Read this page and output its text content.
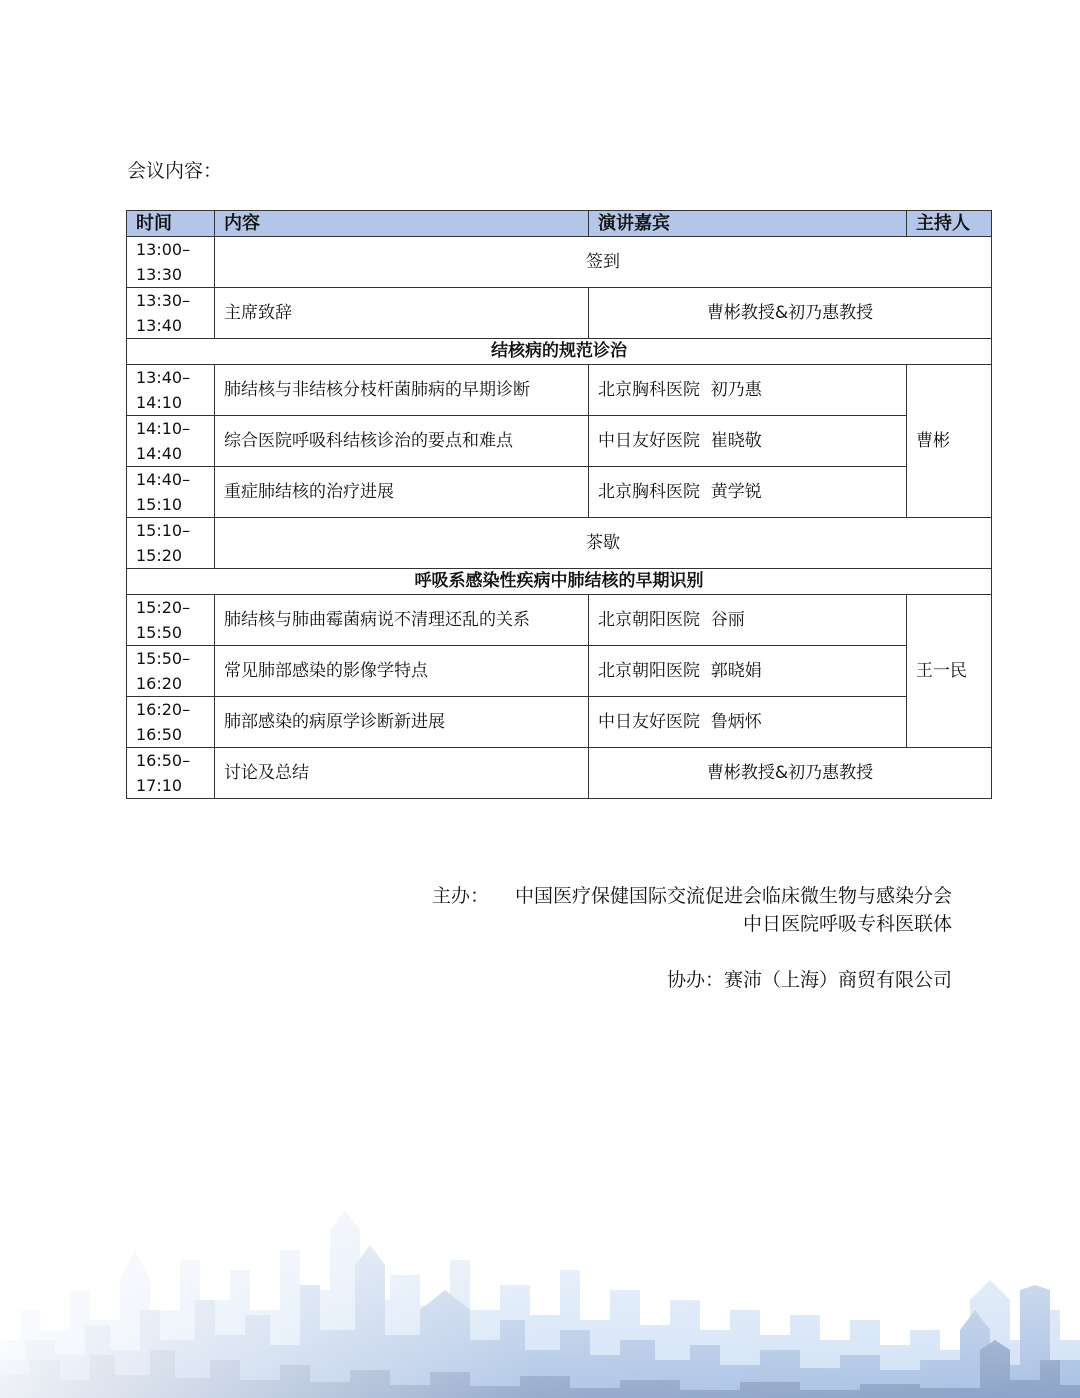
会议内容：
时间	内容	演讲嘉宾	主持人
13:00–
13:30	签到		
13:30–
13:40	主席致辞	曹彬教授&初乃惠教授	
结核病的规范诊治			
13:40–
14:10	肺结核与非结核分枝杆菌肺病的早期诊断	北京胸科医院  初乃惠	曹彬
14:10–
14:40	综合医院呼吸科结核诊治的要点和难点	中日友好医院  崔晓敬	
14:40–
15:10	重症肺结核的治疗进展	北京胸科医院  黄学锐	
15:10–
15:20	茶歇		
呼吸系感染性疾病中肺结核的早期识别			
15:20–
15:50	肺结核与肺曲霉菌病说不清理还乱的关系	北京朝阳医院  谷丽	王一民
15:50–
16:20	常见肺部感染的影像学特点	北京朝阳医院  郭晓娟	
16:20–
16:50	肺部感染的病原学诊断新进展	中日友好医院  鲁炳怀	
16:50–
17:10	讨论及总结	曹彬教授&初乃惠教授	
主办： 中国医疗保健国际交流促进会临床微生物与感染分会
中日医院呼吸专科医联体
协办：赛沛（上海）商贸有限公司
